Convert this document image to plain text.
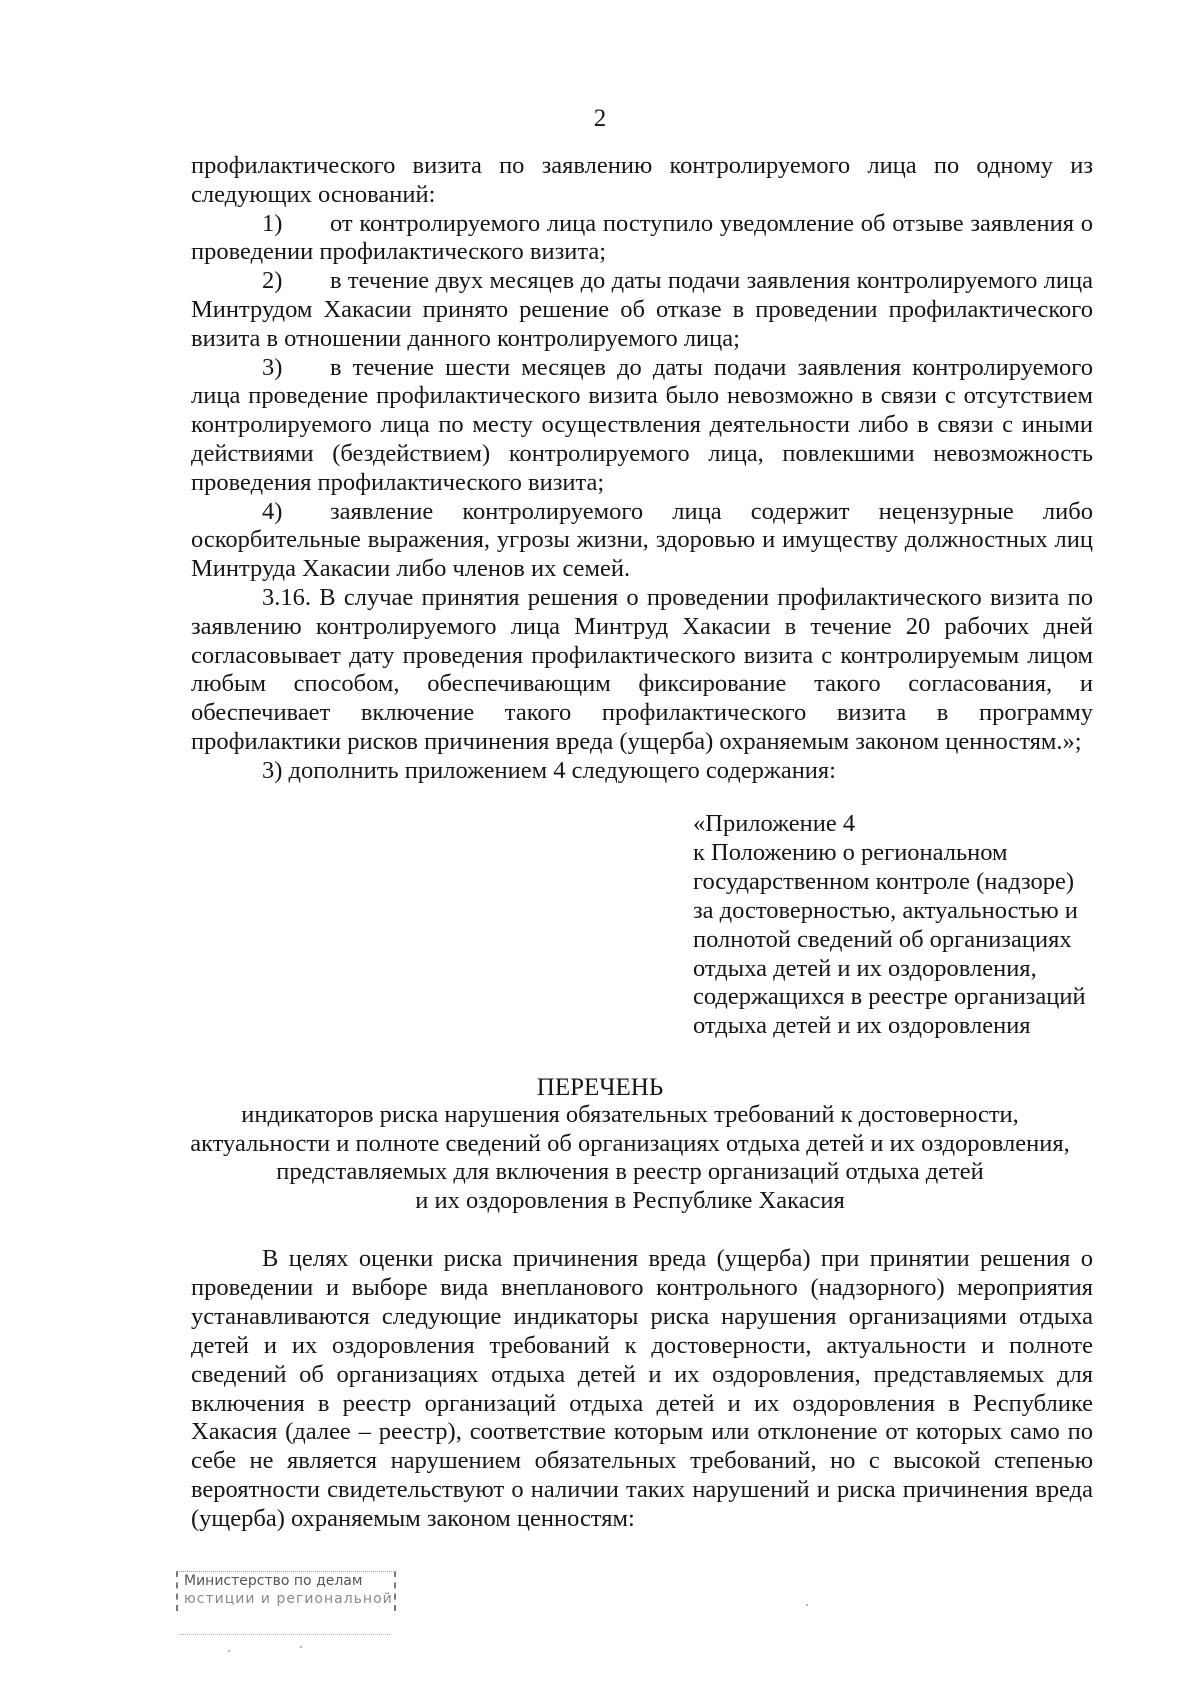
2

профилактического визита по заявлению контролируемого лица по одному из следующих оснований:

1) от контролируемого лица поступило уведомление об отзыве заявления о проведении профилактического визита;

2) в течение двух месяцев до даты подачи заявления контролируемого лица Минтрудом Хакасии принято решение об отказе в проведении профилактического визита в отношении данного контролируемого лица;

3) в течение шести месяцев до даты подачи заявления контролируемого лица проведение профилактического визита было невозможно в связи с отсутствием контролируемого лица по месту осуществления деятельности либо в связи с иными действиями (бездействием) контролируемого лица, повлекшими невозможность проведения профилактического визита;

4) заявление контролируемого лица содержит нецензурные либо оскорбительные выражения, угрозы жизни, здоровью и имуществу должностных лиц Минтруда Хакасии либо членов их семей.

3.16. В случае принятия решения о проведении профилактического визита по заявлению контролируемого лица Минтруд Хакасии в течение 20 рабочих дней согласовывает дату проведения профилактического визита с контролируемым лицом любым способом, обеспечивающим фиксирование такого согласования, и обеспечивает включение такого профилактического визита в программу профилактики рисков причинения вреда (ущерба) охраняемым законом ценностям.»;

3) дополнить приложением 4 следующего содержания:

«Приложение 4
к Положению о региональном
государственном контроле (надзоре)
за достоверностью, актуальностью и
полнотой сведений об организациях
отдыха детей и их оздоровления,
содержащихся в реестре организаций
отдыха детей и их оздоровления
ПЕРЕЧЕНЬ
индикаторов риска нарушения обязательных требований к достоверности,
актуальности и полноте сведений об организациях отдыха детей и их оздоровления,
представляемых для включения в реестр организаций отдыха детей
и их оздоровления в Республике Хакасия

В целях оценки риска причинения вреда (ущерба) при принятии решения о проведении и выборе вида внепланового контрольного (надзорного) мероприятия устанавливаются следующие индикаторы риска нарушения организациями отдыха детей и их оздоровления требований к достоверности, актуальности и полноте сведений об организациях отдыха детей и их оздоровления, представляемых для включения в реестр организаций отдыха детей и их оздоровления в Республике Хакасия (далее – реестр), соответствие которым или отклонение от которых само по себе не является нарушением обязательных требований, но с высокой степенью вероятности свидетельствуют о наличии таких нарушений и риска причинения вреда (ущерба) охраняемым законом ценностям:

Министерство по делам
юстиции и региональной
